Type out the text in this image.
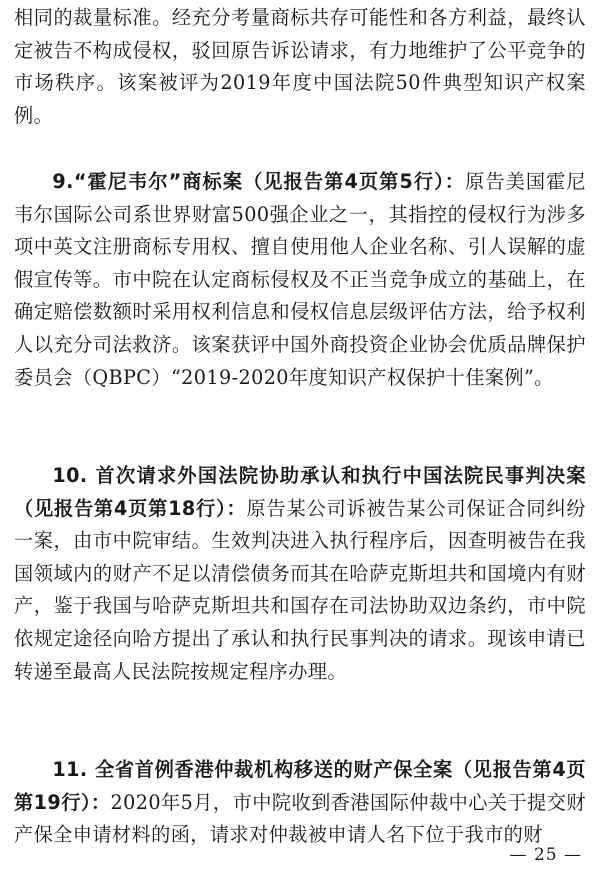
相同的裁量标准。经充分考量商标共存可能性和各方利益，最终认定被告不构成侵权，驳回原告诉讼请求，有力地维护了公平竞争的市场秩序。该案被评为2019年度中国法院50件典型知识产权案例。
9.“霍尼韦尔”商标案（见报告第4页第5行）：原告美国霍尼韦尔国际公司系世界财富500强企业之一，其指控的侵权行为涉多项中英文注册商标专用权、擅自使用他人企业名称、引人误解的虚假宣传等。市中院在认定商标侵权及不正当竞争成立的基础上，在确定赔偿数额时采用权利信息和侵权信息层级评估方法，给予权利人以充分司法救济。该案获评中国外商投资企业协会优质品牌保护委员会（QBPC）“2019-2020年度知识产权保护十佳案例”。
10. 首次请求外国法院协助承认和执行中国法院民事判决案（见报告第4页第18行）：原告某公司诉被告某公司保证合同纠纷一案，由市中院审结。生效判决进入执行程序后，因查明被告在我国领域内的财产不足以清偿债务而其在哈萨克斯坦共和国境内有财产，鉴于我国与哈萨克斯坦共和国存在司法协助双边条约，市中院依规定途径向哈方提出了承认和执行民事判决的请求。现该申请已转递至最高人民法院按规定程序办理。
11. 全省首例香港仲裁机构移送的财产保全案（见报告第4页第19行）：2020年5月，市中院收到香港国际仲裁中心关于提交财产保全申请材料的函，请求对仲裁被申请人名下位于我市的财
— 25 —
